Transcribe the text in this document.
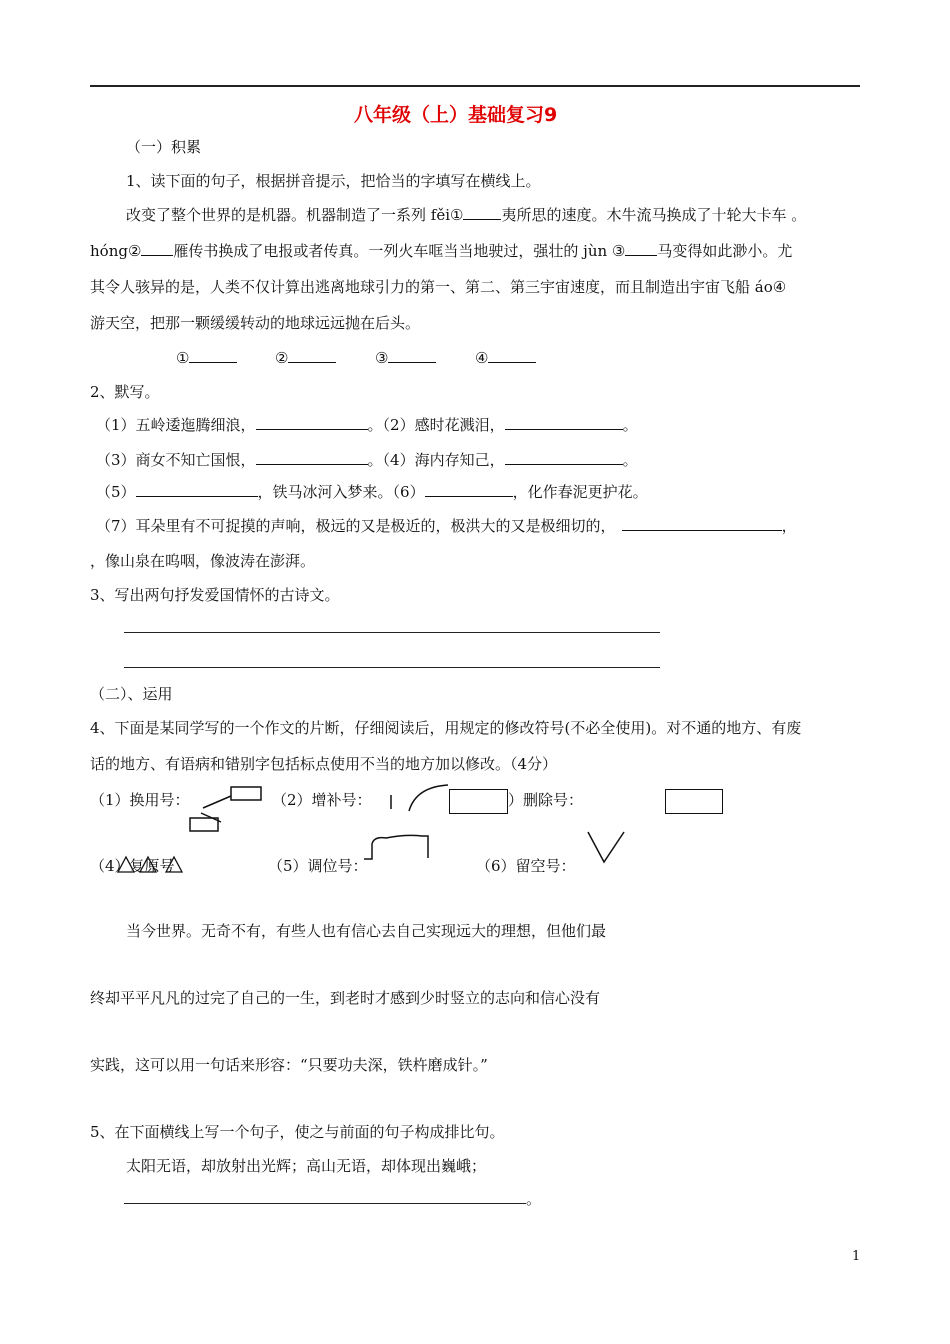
八年级（上）基础复习9
（一）积累
1、读下面的句子，根据拼音提示，把恰当的字填写在横线上。
改变了整个世界的是机器。机器制造了一系列 fěi①	夷所思的速度。木牛流马换成了十轮大卡车 。
hóng② 雁传书换成了电报或者传真。一列火车哐当当地驶过，强壮的 jùn ③ 马变得如此渺小。尤
其令人骇异的是，人类不仅计算出逃离地球引力的第一、第二、第三宇宙速度，而且制造出宇宙飞船 áo④
游天空，把那一颗缓缓转动的地球远远抛在后头。
①	②	③	④
2、默写。
（1）五岭逶迤腾细浪，	。（2）感时花溅泪，	。
（3）商女不知亡国恨，	。（4）海内存知己，	。
（5）	，铁马冰河入梦来。（6）	，化作春泥更护花。
（7）耳朵里有不可捉摸的声响，极远的又是极近的，极洪大的又是极细切的，	，
，像山泉在呜咽，像波涛在澎湃。
3、写出两句抒发爱国情怀的古诗文。
（二）、运用
4、下面是某同学写的一个作文的片断，仔细阅读后，用规定的修改符号(不必全使用)。对不通的地方、有废
话的地方、有语病和错别字包括标点使用不当的地方加以修改。（4分）
（1）换用号：	（2）增补号：	）删除号：
（4）复原号	（5）调位号：	（6）留空号：
当今世界。无奇不有，有些人也有信心去自己实现远大的理想，但他们最
终却平平凡凡的过完了自己的一生，到老时才感到少时竖立的志向和信心没有
实践，这可以用一句话来形容：“只要功夫深，铁杵磨成针。”
5、在下面横线上写一个句子，使之与前面的句子构成排比句。
太阳无语，却放射出光辉；高山无语，却体现出巍峨；
。
1
